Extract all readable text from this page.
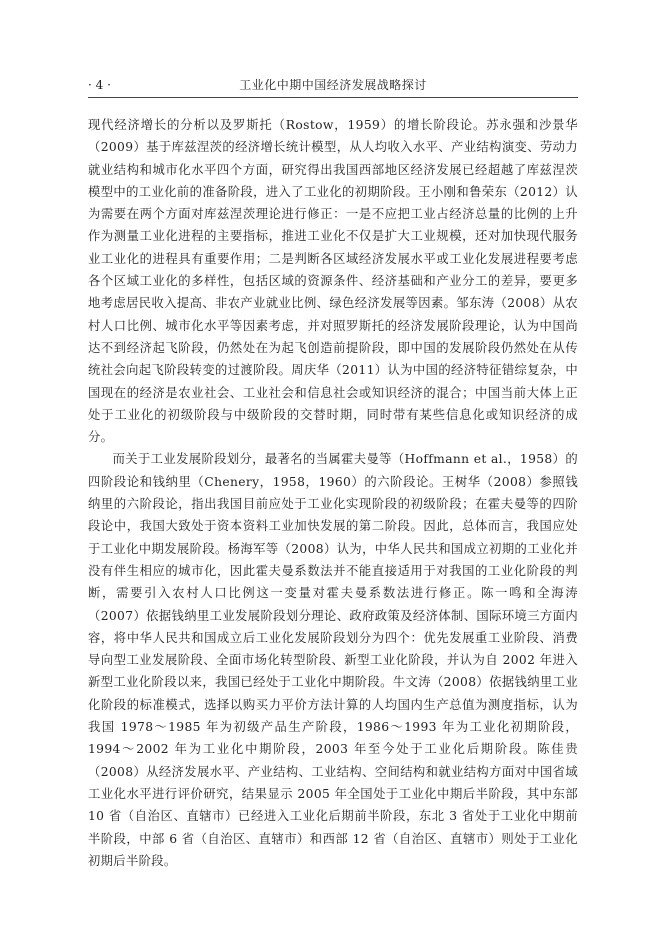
· 4 ·	工业化中期中国经济发展战略探讨

现代经济增长的分析以及罗斯托（Rostow，1959）的增长阶段论。苏永强和沙景华（2009）基于库兹涅茨的经济增长统计模型，从人均收入水平、产业结构演变、劳动力就业结构和城市化水平四个方面，研究得出我国西部地区经济发展已经超越了库兹涅茨模型中的工业化前的准备阶段，进入了工业化的初期阶段。王小刚和鲁荣东（2012）认为需要在两个方面对库兹涅茨理论进行修正：一是不应把工业占经济总量的比例的上升作为测量工业化进程的主要指标，推进工业化不仅是扩大工业规模，还对加快现代服务业工业化的进程具有重要作用；二是判断各区域经济发展水平或工业化发展进程要考虑各个区域工业化的多样性，包括区域的资源条件、经济基础和产业分工的差异，要更多地考虑居民收入提高、非农产业就业比例、绿色经济发展等因素。邹东涛（2008）从农村人口比例、城市化水平等因素考虑，并对照罗斯托的经济发展阶段理论，认为中国尚达不到经济起飞阶段，仍然处在为起飞创造前提阶段，即中国的发展阶段仍然处在从传统社会向起飞阶段转变的过渡阶段。周庆华（2011）认为中国的经济特征错综复杂，中国现在的经济是农业社会、工业社会和信息社会或知识经济的混合；中国当前大体上正处于工业化的初级阶段与中级阶段的交替时期，同时带有某些信息化或知识经济的成分。

而关于工业发展阶段划分，最著名的当属霍夫曼等（Hoffmann et al.，1958）的四阶段论和钱纳里（Chenery，1958，1960）的六阶段论。王树华（2008）参照钱纳里的六阶段论，指出我国目前应处于工业化实现阶段的初级阶段；在霍夫曼等的四阶段论中，我国大致处于资本资料工业加快发展的第二阶段。因此，总体而言，我国应处于工业化中期发展阶段。杨海军等（2008）认为，中华人民共和国成立初期的工业化并没有伴生相应的城市化，因此霍夫曼系数法并不能直接适用于对我国的工业化阶段的判断，需要引入农村人口比例这一变量对霍夫曼系数法进行修正。陈一鸣和全海涛（2007）依据钱纳里工业发展阶段划分理论、政府政策及经济体制、国际环境三方面内容，将中华人民共和国成立后工业化发展阶段划分为四个：优先发展重工业阶段、消费导向型工业发展阶段、全面市场化转型阶段、新型工业化阶段，并认为自 2002 年进入新型工业化阶段以来，我国已经处于工业化中期阶段。牛文涛（2008）依据钱纳里工业化阶段的标准模式，选择以购买力平价方法计算的人均国内生产总值为测度指标，认为我国 1978～1985 年为初级产品生产阶段，1986～1993 年为工业化初期阶段，1994～2002 年为工业化中期阶段，2003 年至今处于工业化后期阶段。陈佳贵（2008）从经济发展水平、产业结构、工业结构、空间结构和就业结构方面对中国省域工业化水平进行评价研究，结果显示 2005 年全国处于工业化中期后半阶段，其中东部 10 省（自治区、直辖市）已经进入工业化后期前半阶段，东北 3 省处于工业化中期前半阶段，中部 6 省（自治区、直辖市）和西部 12 省（自治区、直辖市）则处于工业化初期后半阶段。
